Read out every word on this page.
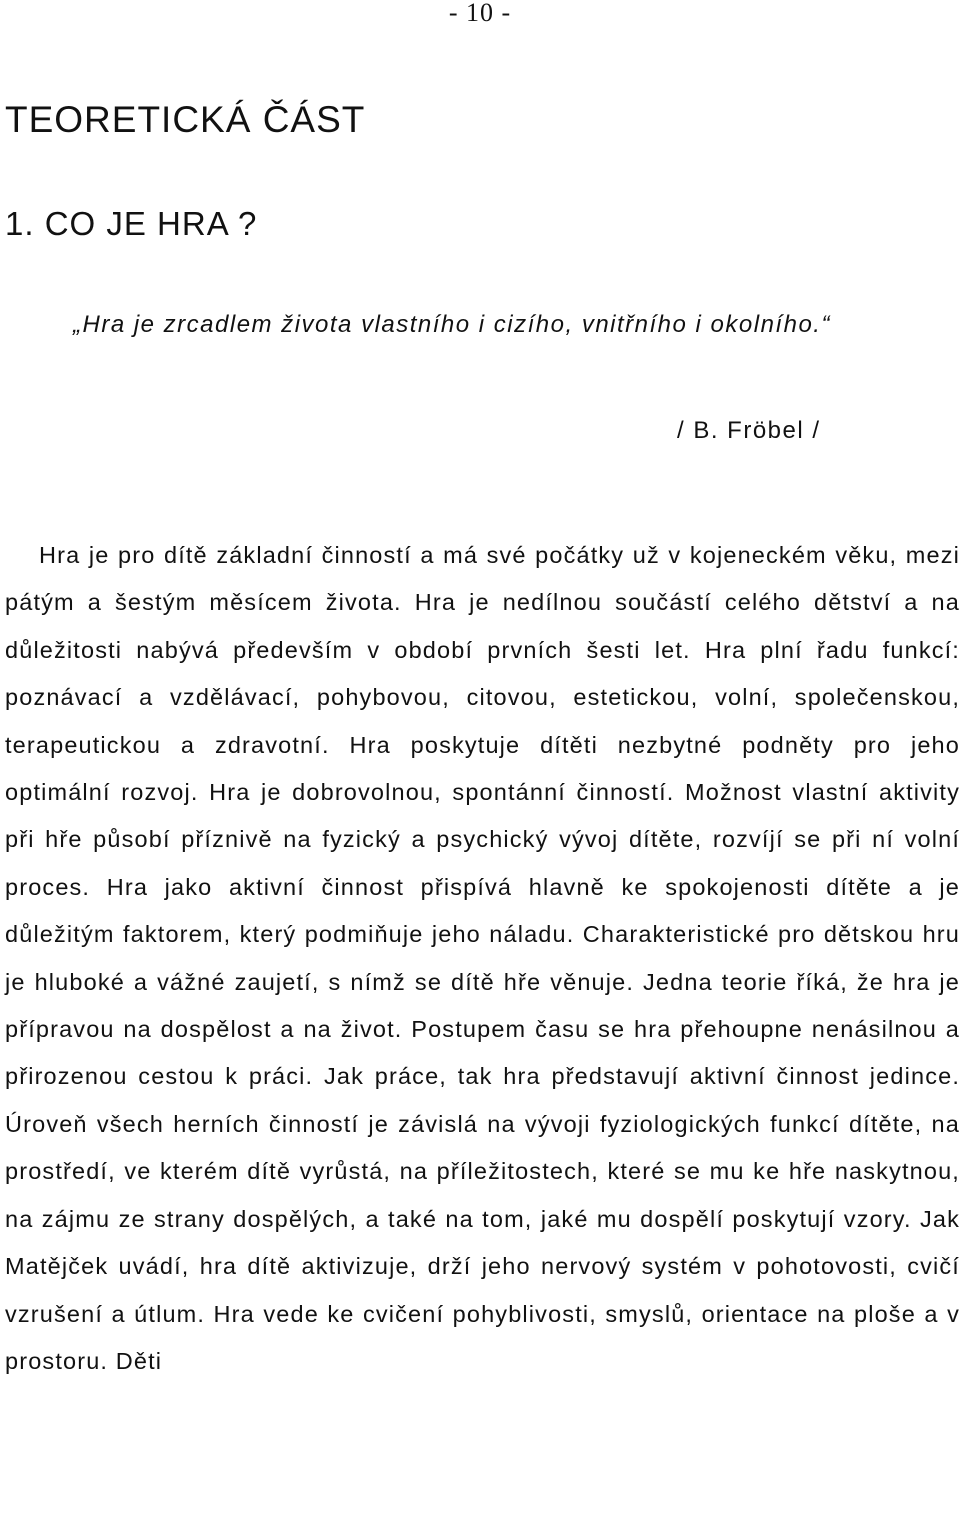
- 10 -
TEORETICKÁ ČÁST
1. CO JE HRA ?

„Hra je zrcadlem života vlastního i cizího, vnitřního i okolního.“

/ B. Fröbel /

Hra je pro dítě základní činností a má své počátky už v kojeneckém věku, mezi pátým a šestým měsícem života. Hra je nedílnou součástí celého dětství a na důležitosti nabývá především v období prvních šesti let. Hra plní řadu funkcí: poznávací a vzdělávací, pohybovou, citovou, estetickou, volní, společenskou, terapeutickou a zdravotní. Hra poskytuje dítěti nezbytné podněty pro jeho optimální rozvoj. Hra je dobrovolnou, spontánní činností. Možnost vlastní aktivity při hře působí příznivě na fyzický a psychický vývoj dítěte, rozvíjí se při ní volní proces. Hra jako aktivní činnost přispívá hlavně ke spokojenosti dítěte a je důležitým faktorem, který podmiňuje jeho náladu. Charakteristické pro dětskou hru je hluboké a vážné zaujetí, s nímž se dítě hře věnuje. Jedna teorie říká, že hra je přípravou na dospělost a na život. Postupem času se hra přehoupne nenásilnou a přirozenou cestou k práci. Jak práce, tak hra představují aktivní činnost jedince. Úroveň všech herních činností je závislá na vývoji fyziologických funkcí dítěte, na prostředí, ve kterém dítě vyrůstá, na příležitostech, které se mu ke hře naskytnou, na zájmu ze strany dospělých, a také na tom, jaké mu dospělí poskytují vzory. Jak Matějček uvádí, hra dítě aktivizuje, drží jeho nervový systém v pohotovosti, cvičí vzrušení a útlum. Hra vede ke cvičení pohyblivosti, smyslů, orientace na ploše a v prostoru. Děti
